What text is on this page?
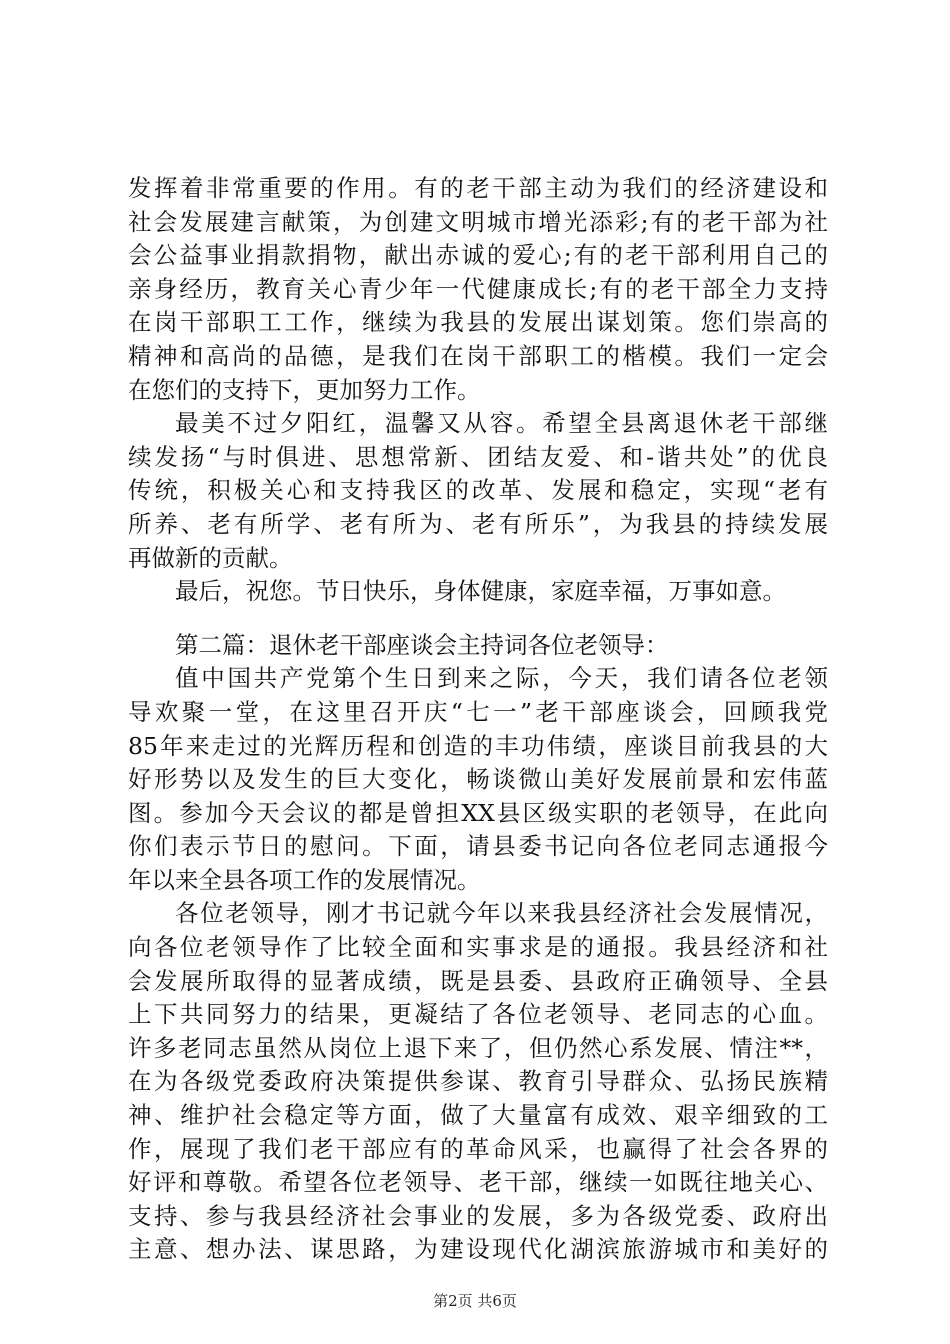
发挥着非常重要的作用。有的老干部主动为我们的经济建设和
社会发展建言献策，为创建文明城市增光添彩;有的老干部为社
会公益事业捐款捐物，献出赤诚的爱心;有的老干部利用自己的
亲身经历，教育关心青少年一代健康成长;有的老干部全力支持
在岗干部职工工作，继续为我县的发展出谋划策。您们崇高的
精神和高尚的品德，是我们在岗干部职工的楷模。我们一定会
在您们的支持下，更加努力工作。
最美不过夕阳红，温馨又从容。希望全县离退休老干部继
续发扬“与时俱进、思想常新、团结友爱、和-谐共处”的优良
传统，积极关心和支持我区的改革、发展和稳定，实现“老有
所养、老有所学、老有所为、老有所乐”，为我县的持续发展
再做新的贡献。
最后，祝您。节日快乐，身体健康，家庭幸福，万事如意。
第二篇：退休老干部座谈会主持词各位老领导：
值中国共产党第个生日到来之际，今天，我们请各位老领
导欢聚一堂，在这里召开庆“七一”老干部座谈会，回顾我党
85年来走过的光辉历程和创造的丰功伟绩，座谈目前我县的大
好形势以及发生的巨大变化，畅谈微山美好发展前景和宏伟蓝
图。参加今天会议的都是曾担XX县区级实职的老领导，在此向
你们表示节日的慰问。下面，请县委书记向各位老同志通报今
年以来全县各项工作的发展情况。
各位老领导，刚才书记就今年以来我县经济社会发展情况，
向各位老领导作了比较全面和实事求是的通报。我县经济和社
会发展所取得的显著成绩，既是县委、县政府正确领导、全县
上下共同努力的结果，更凝结了各位老领导、老同志的心血。
许多老同志虽然从岗位上退下来了，但仍然心系发展、情注**，
在为各级党委政府决策提供参谋、教育引导群众、弘扬民族精
神、维护社会稳定等方面，做了大量富有成效、艰辛细致的工
作，展现了我们老干部应有的革命风采，也赢得了社会各界的
好评和尊敬。希望各位老领导、老干部，继续一如既往地关心、
支持、参与我县经济社会事业的发展，多为各级党委、政府出
主意、想办法、谋思路，为建设现代化湖滨旅游城市和美好的
第2页 共6页
